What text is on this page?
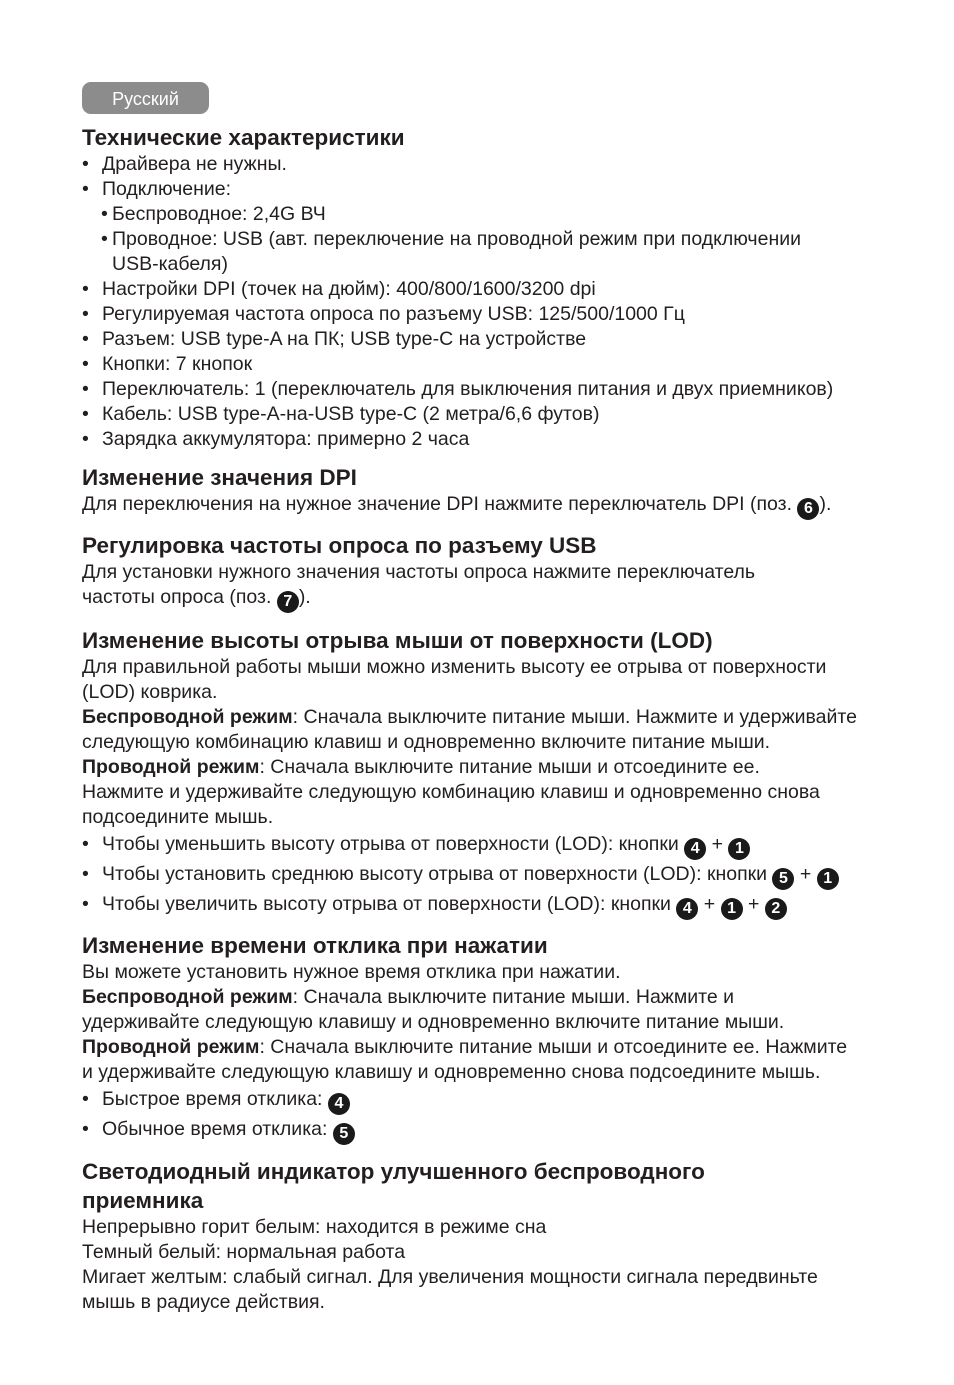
Русский
Технические характеристики
• Драйвера не нужны.
• Подключение:
• Беспроводное: 2,4G ВЧ
• Проводное: USB (авт. переключение на проводной режим при подключении
USB-кабеля)
• Настройки DPI (точек на дюйм): 400/800/1600/3200 dpi
• Регулируемая частота опроса по разъему USB: 125/500/1000 Гц
• Разъем: USB type-A на ПК; USB type-C на устройстве
• Кнопки: 7 кнопок
• Переключатель: 1 (переключатель для выключения питания и двух приемников)
• Кабель: USB type-A-на-USB type-C (2 метра/6,6 футов)
• Зарядка аккумулятора: примерно 2 часа
Изменение значения DPI
Для переключения на нужное значение DPI нажмите переключатель DPI (поз. 6 ).
Регулировка частоты опроса по разъему USB
Для установки нужного значения частоты опроса нажмите переключатель
частоты опроса (поз. 7 ).
Изменение высоты отрыва мыши от поверхности (LOD)
Для правильной работы мыши можно изменить высоту ее отрыва от поверхности
(LOD) коврика.
Беспроводной режим: Сначала выключите питание мыши. Нажмите и удерживайте
следующую комбинацию клавиш и одновременно включите питание мыши.
Проводной режим: Сначала выключите питание мыши и отсоедините ее.
Нажмите и удерживайте следующую комбинацию клавиш и одновременно снова
подсоедините мышь.
• Чтобы уменьшить высоту отрыва от поверхности (LOD): кнопки 4 + 1
• Чтобы установить среднюю высоту отрыва от поверхности (LOD): кнопки 5 + 1
• Чтобы увеличить высоту отрыва от поверхности (LOD): кнопки 4 + 1 + 2
Изменение времени отклика при нажатии
Вы можете установить нужное время отклика при нажатии.
Беспроводной режим: Сначала выключите питание мыши. Нажмите и
удерживайте следующую клавишу и одновременно включите питание мыши.
Проводной режим: Сначала выключите питание мыши и отсоедините ее. Нажмите
и удерживайте следующую клавишу и одновременно снова подсоедините мышь.
• Быстрое время отклика: 4
• Обычное время отклика: 5
Светодиодный индикатор улучшенного беспроводного
приемника
Непрерывно горит белым: находится в режиме сна
Темный белый: нормальная работа
Мигает желтым: слабый сигнал. Для увеличения мощности сигнала передвиньте
мышь в радиусе действия.
